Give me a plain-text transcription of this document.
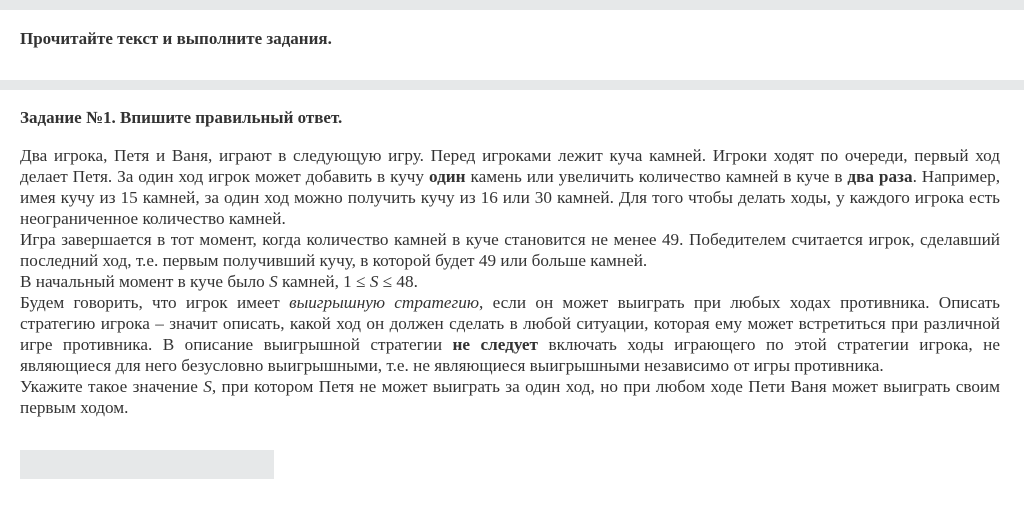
Прочитайте текст и выполните задания.
Задание №1. Впишите правильный ответ.

Два игрока, Петя и Ваня, играют в следующую игру. Перед игроками лежит куча камней. Игроки ходят по очереди, первый ход делает Петя. За один ход игрок может добавить в кучу один камень или увеличить количество камней в куче в два раза. Например, имея кучу из 15 камней, за один ход можно получить кучу из 16 или 30 камней. Для того чтобы делать ходы, у каждого игрока есть неограниченное количество камней.

Игра завершается в тот момент, когда количество камней в куче становится не менее 49. Победителем считается игрок, сделавший последний ход, т.е. первым получивший кучу, в которой будет 49 или больше камней.

В начальный момент в куче было S камней, 1 ≤ S ≤ 48.

Будем говорить, что игрок имеет выигрышную стратегию, если он может выиграть при любых ходах противника. Описать стратегию игрока – значит описать, какой ход он должен сделать в любой ситуации, которая ему может встретиться при различной игре противника. В описание выигрышной стратегии не следует включать ходы играющего по этой стратегии игрока, не являющиеся для него безусловно выигрышными, т.е. не являющиеся выигрышными независимо от игры противника.

Укажите такое значение S, при котором Петя не может выиграть за один ход, но при любом ходе Пети Ваня может выиграть своим первым ходом.
